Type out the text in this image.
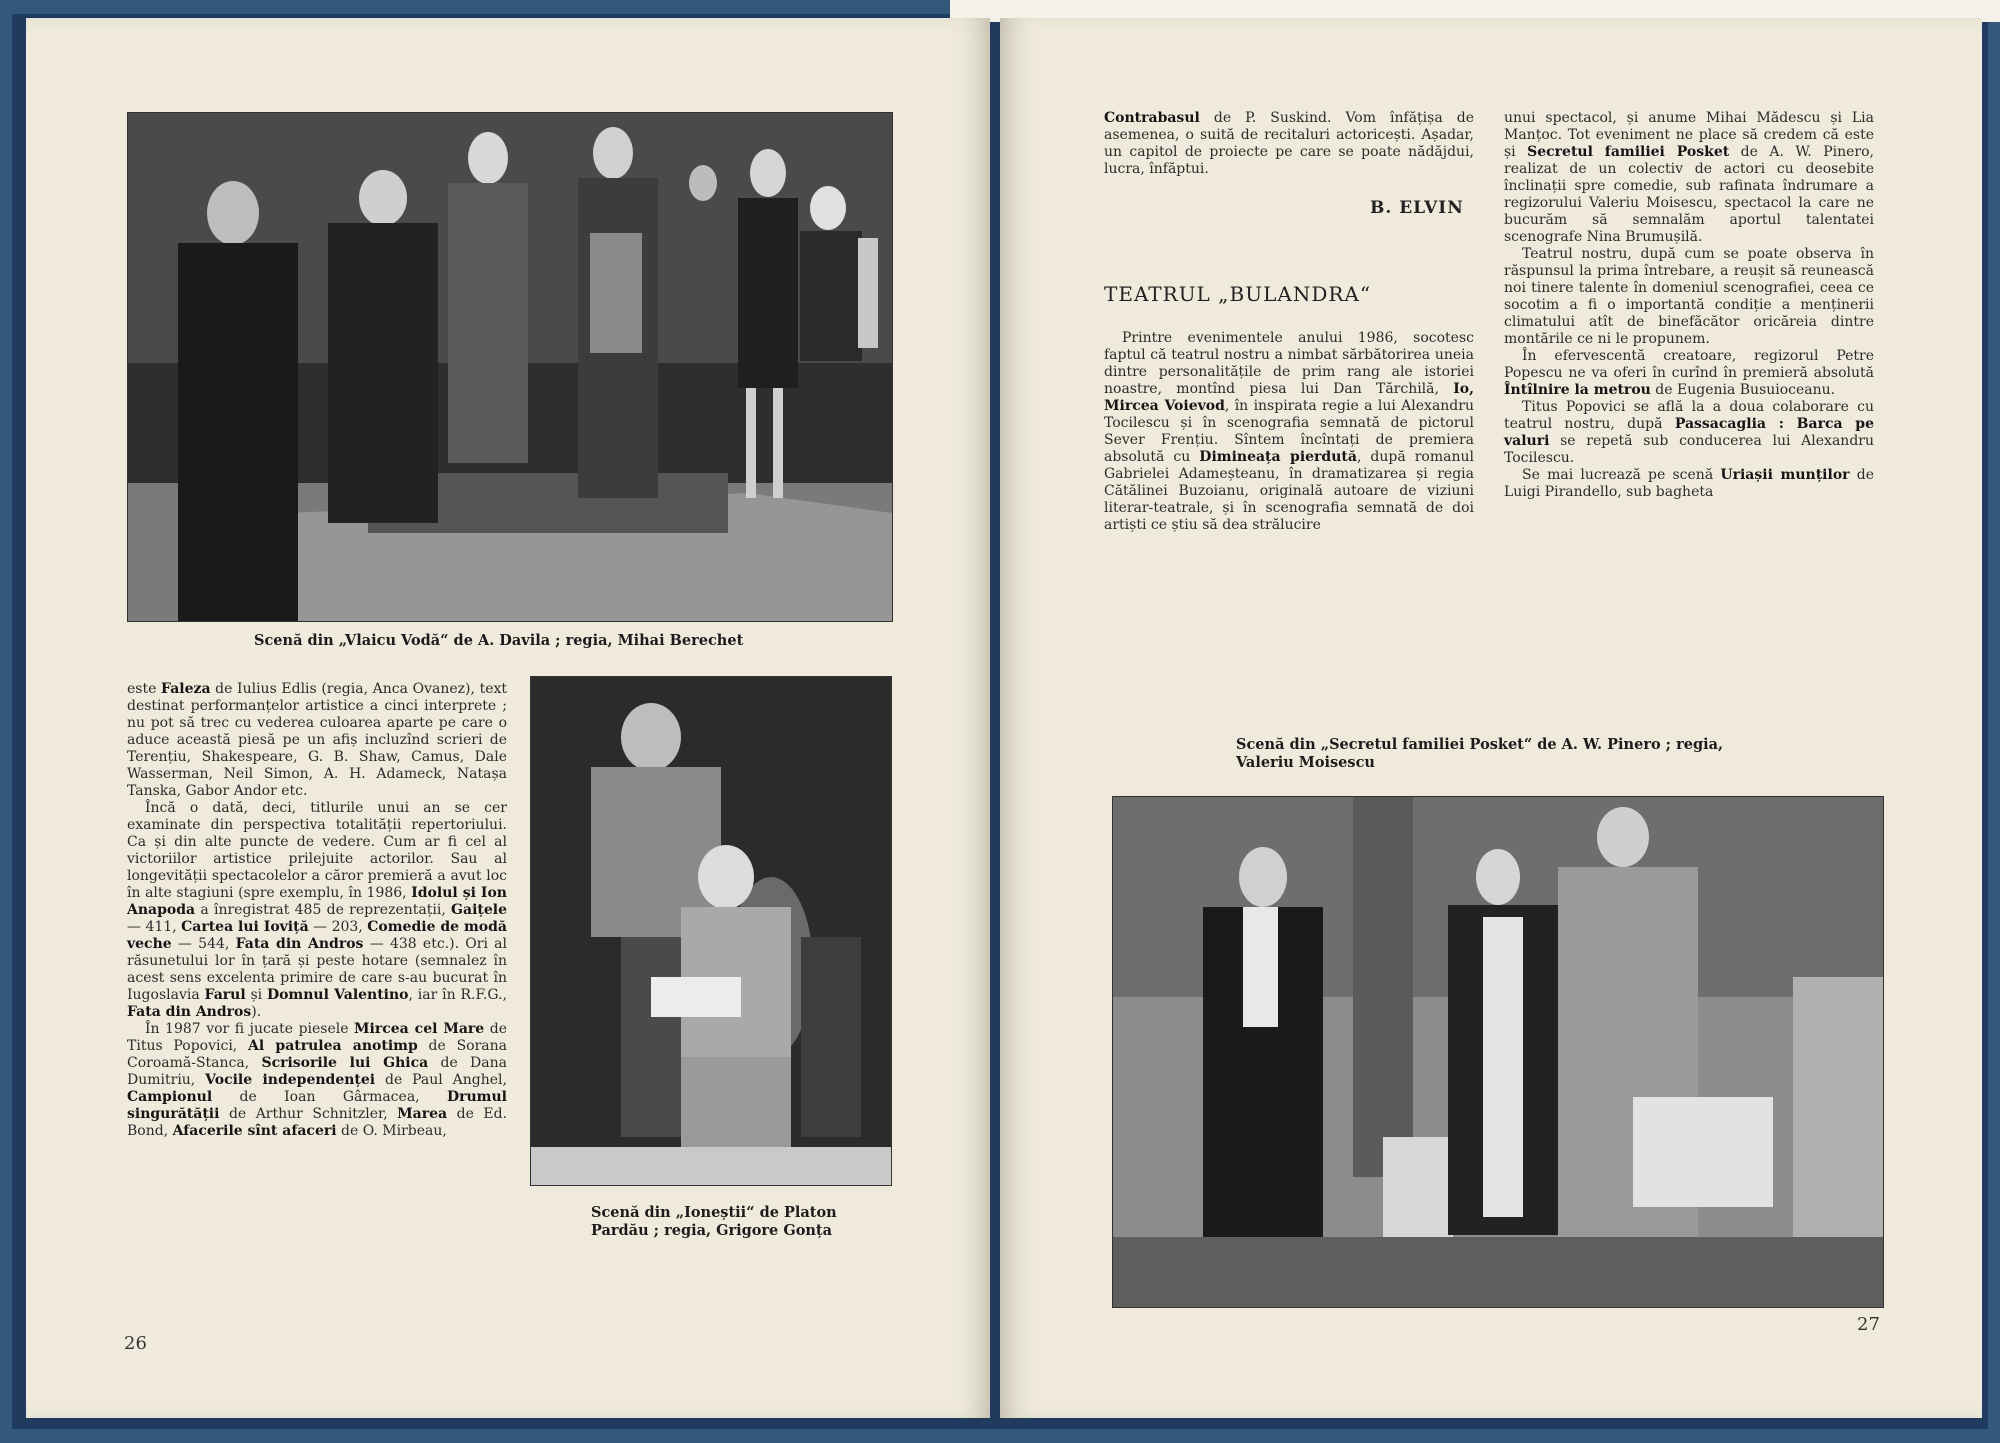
Scenă din „Vlaicu Vodă“ de A. Davila ; regia, Mihai Berechet
Scenă din „Ioneștii“ de Platon Pardău ; regia, Grigore Gonța

este Faleza de Iulius Edlis (regia, Anca Ovanez), text destinat performanțelor artistice a cinci interprete ; nu pot să trec cu vederea culoarea aparte pe care o aduce această piesă pe un afiș incluzînd scrieri de Terențiu, Shakespeare, G. B. Shaw, Camus, Dale Wasserman, Neil Simon, A. H. Adameck, Natașa Tanska, Gabor Andor etc.

Încă o dată, deci, titlurile unui an se cer examinate din perspectiva totalității repertoriului. Ca și din alte puncte de vedere. Cum ar fi cel al victoriilor artistice prilejuite actorilor. Sau al longevității spectacolelor a căror premieră a avut loc în alte stagiuni (spre exemplu, în 1986, Idolul și Ion Anapoda a înregistrat 485 de reprezentații, Gaițele — 411, Cartea lui Ioviță — 203, Comedie de modă veche — 544, Fata din Andros — 438 etc.). Ori al răsunetului lor în țară și peste hotare (semnalez în acest sens excelenta primire de care s-au bucurat în Iugoslavia Farul și Domnul Valentino, iar în R.F.G., Fata din Andros).

În 1987 vor fi jucate piesele Mircea cel Mare de Titus Popovici, Al patrulea anotimp de Sorana Coroamă-Stanca, Scrisorile lui Ghica de Dana Dumitriu, Vocile independenței de Paul Anghel, Campionul de Ioan Gârmacea, Drumul singurătății de Arthur Schnitzler, Marea de Ed. Bond, Afacerile sînt afaceri de O. Mirbeau,

26

Contrabasul de P. Suskind. Vom înfățișa de asemenea, o suită de recitaluri actoricești. Așadar, un capitol de proiecte pe care se poate nădăjdui, lucra, înfăptui.

B. ELVIN
TEATRUL „BULANDRA“

Printre evenimentele anului 1986, socotesc faptul că teatrul nostru a nimbat sărbătorirea uneia dintre personalitățile de prim rang ale istoriei noastre, montînd piesa lui Dan Tărchilă, Io, Mircea Voievod, în inspirata regie a lui Alexandru Tocilescu și în scenografia semnată de pictorul Sever Frențiu. Sîntem încîntați de premiera absolută cu Dimineața pierdută, după romanul Gabrielei Adameșteanu, în dramatizarea și regia Cătălinei Buzoianu, originală autoare de viziuni literar-teatrale, și în scenografia semnată de doi artiști ce știu să dea strălucire

unui spectacol, și anume Mihai Mădescu și Lia Manțoc. Tot eveniment ne place să credem că este și Secretul familiei Posket de A. W. Pinero, realizat de un colectiv de actori cu deosebite înclinații spre comedie, sub rafinata îndrumare a regizorului Valeriu Moisescu, spectacol la care ne bucurăm să semnalăm aportul talentatei scenografe Nina Brumușilă.

Teatrul nostru, după cum se poate observa în răspunsul la prima întrebare, a reușit să reunească noi tinere talente în domeniul scenografiei, ceea ce socotim a fi o importantă condiție a menținerii climatului atît de binefăcător oricăreia dintre montările ce ni le propunem.

În efervescentă creatoare, regizorul Petre Popescu ne va oferi în curînd în premieră absolută Întîlnire la metrou de Eugenia Busuioceanu.

Titus Popovici se află la a doua colaborare cu teatrul nostru, după Passacaglia : Barca pe valuri se repetă sub conducerea lui Alexandru Tocilescu.

Se mai lucrează pe scenă Uriașii munților de Luigi Pirandello, sub bagheta

Scenă din „Secretul familiei Posket“ de A. W. Pinero ; regia, Valeriu Moisescu
27
